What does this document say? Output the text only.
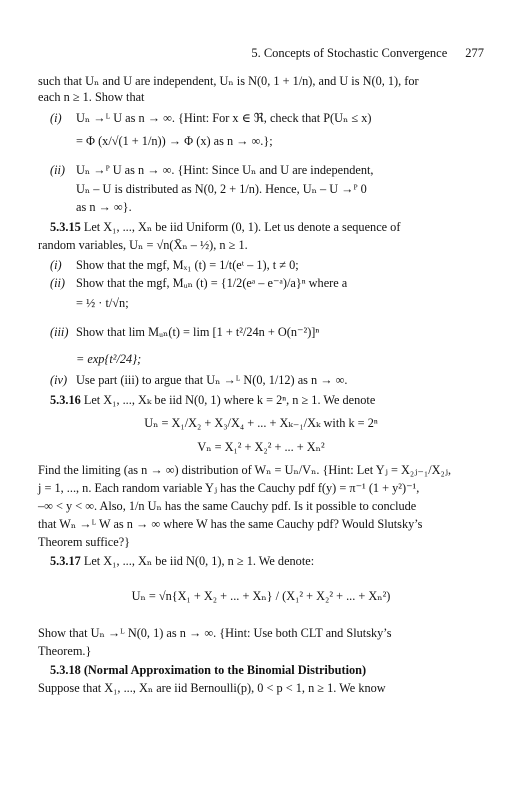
5. Concepts of Stochastic Convergence 277
such that Uₙ and U are independent, Uₙ is N(0, 1 + 1/n), and U is N(0, 1), for
each n ≥ 1. Show that
(i) Uₙ →ᴸ U as n → ∞. {Hint: For x ∈ ℜ, check that P(Uₙ ≤ x)
= Φ (x/√(1 + 1/n)) → Φ (x) as n → ∞.};
(ii) Uₙ →ᴾ U as n → ∞. {Hint: Since Uₙ and U are independent,
Uₙ – U is distributed as N(0, 2 + 1/n). Hence, Uₙ – U →ᴾ 0
as n → ∞}.
5.3.15 Let X₁, ..., Xₙ be iid Uniform (0, 1). Let us denote a sequence of
random variables, Uₙ = √n(X̄ₙ – ½), n ≥ 1.
(i) Show that the mgf, Mₓ₁ (t) = 1/t(eᵗ – 1), t ≠ 0;
(ii) Show that the mgf, Mᵤₙ (t) = {1/2(eᵃ – e⁻ᵃ)/a}ⁿ where a
= ½ · t/√n;
(iii) Show that lim Mᵤₙ(t) = lim [1 + t²/24n + O(n⁻²)]ⁿ
= exp{t²/24};
(iv) Use part (iii) to argue that Uₙ →ᴸ N(0, 1/12) as n → ∞.
5.3.16 Let X₁, ..., Xₖ be iid N(0, 1) where k = 2ⁿ, n ≥ 1. We denote
Uₙ = X₁/X₂ + X₃/X₄ + ... + Xₖ₋₁/Xₖ with k = 2ⁿ
Vₙ = X₁² + X₂² + ... + Xₙ²
Find the limiting (as n → ∞) distribution of Wₙ = Uₙ/Vₙ. {Hint: Let Yⱼ = X₂ⱼ₋₁/X₂ⱼ,
j = 1, ..., n. Each random variable Yⱼ has the Cauchy pdf f(y) = π⁻¹ (1 + y²)⁻¹,
–∞ < y < ∞. Also, 1/n Uₙ has the same Cauchy pdf. Is it possible to conclude
that Wₙ →ᴸ W as n → ∞ where W has the same Cauchy pdf? Would Slutsky’s
Theorem suffice?}
5.3.17 Let X₁, ..., Xₙ be iid N(0, 1), n ≥ 1. We denote:
Uₙ = √n{X₁ + X₂ + ... + Xₙ} / (X₁² + X₂² + ... + Xₙ²)
Show that Uₙ →ᴸ N(0, 1) as n → ∞. {Hint: Use both CLT and Slutsky’s
Theorem.}
5.3.18 (Normal Approximation to the Binomial Distribution)
Suppose that X₁, ..., Xₙ are iid Bernoulli(p), 0 < p < 1, n ≥ 1. We know
